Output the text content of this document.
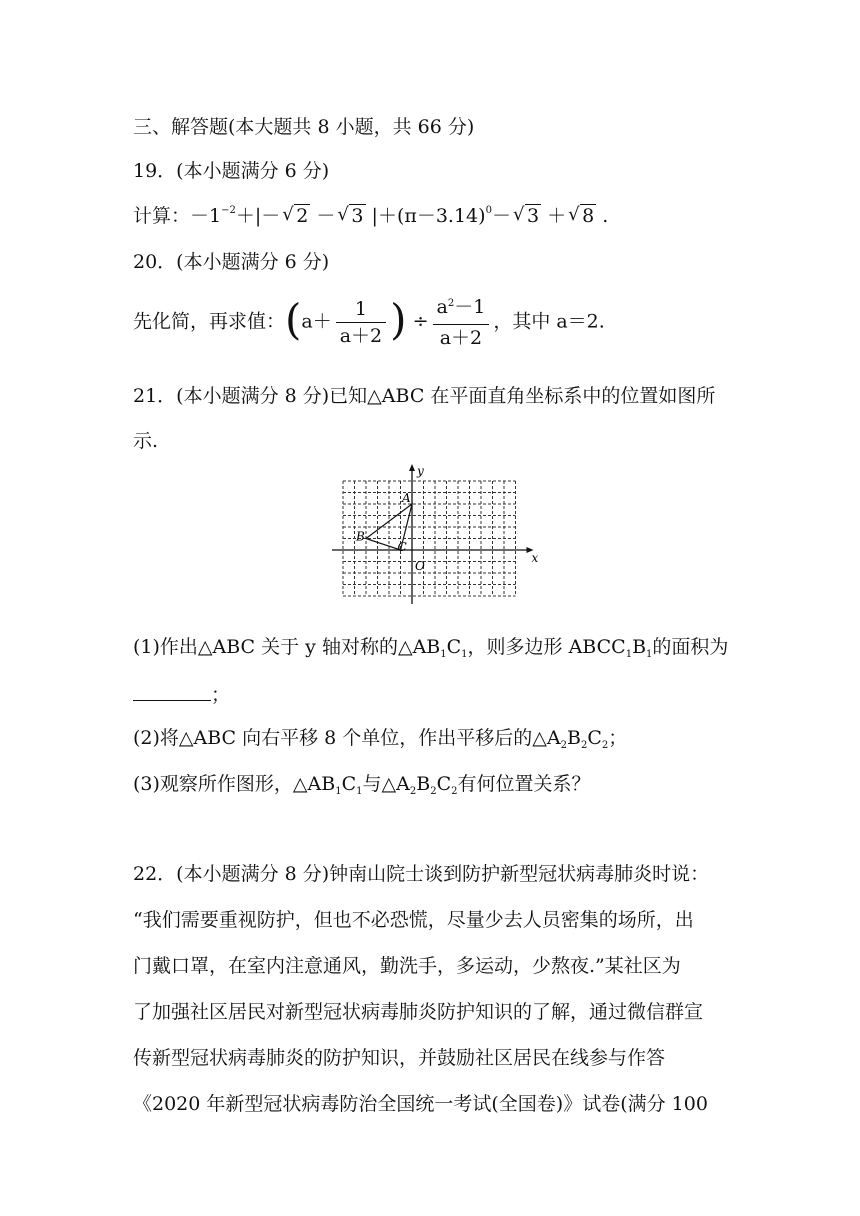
三、解答题(本大题共 8 小题，共 66 分)
19．(本小题满分 6 分)
计算：$-1^{-2}+|-√$ 2 －√ 3 $|+(\pi-3.14)^0-√$ 3 ＋√ 8 .
20．(本小题满分 6 分)
先化简，再求值：($a+ \frac{1}{a+2}$ ) ÷ $\frac{a^2-1}{a+2}$ ，其中 a＝2.
21．(本小题满分 8 分)已知△ABC 在平面直角坐标系中的位置如图所
示.
x
y
O
A
B
C
(1)作出△ABC 关于 y 轴对称的$\triangle AB_1C_1$，则多边形 $ABCC_1B_1$的面积为
；
(2)将△ABC 向右平移 8 个单位，作出平移后的$\triangle A_2B_2C_2$；
(3)观察所作图形，$\triangle AB_1C_1$与$\triangle A_2B_2C_2$有何位置关系？
22．(本小题满分 8 分)钟南山院士谈到防护新型冠状病毒肺炎时说：
“我们需要重视防护，但也不必恐慌，尽量少去人员密集的场所，出
门戴口罩，在室内注意通风，勤洗手，多运动，少熬夜.”某社区为
了加强社区居民对新型冠状病毒肺炎防护知识的了解，通过微信群宣
传新型冠状病毒肺炎的防护知识，并鼓励社区居民在线参与作答
《2020 年新型冠状病毒防治全国统一考试(全国卷)》试卷(满分 100
